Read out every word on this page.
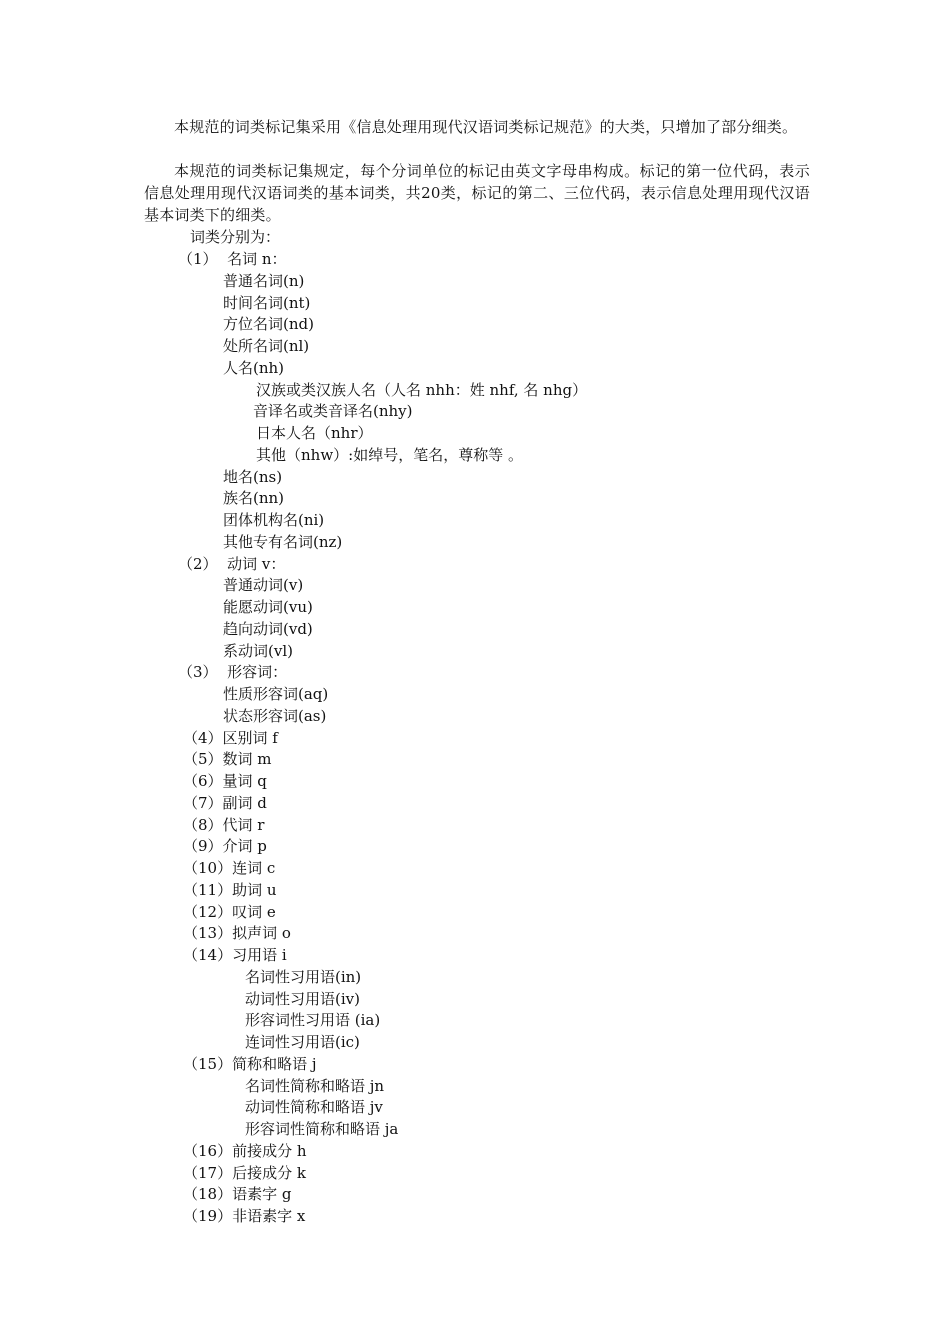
本规范的词类标记集采用《信息处理用现代汉语词类标记规范》的大类，只增加了部分细类。

本规范的词类标记集规定，每个分词单位的标记由英文字母串构成。标记的第一位代码，表示信息处理用现代汉语词类的基本词类，共20类，标记的第二、三位代码，表示信息处理用现代汉语基本词类下的细类。

词类分别为：
（1）  名词 n：
普通名词(n)
时间名词(nt)
方位名词(nd)
处所名词(nl)
人名(nh)
汉族或类汉族人名（人名 nhh：姓 nhf, 名 nhg）
音译名或类音译名(nhy)
日本人名（nhr）
其他（nhw）:如绰号，笔名，尊称等 。
地名(ns)
族名(nn)
团体机构名(ni)
其他专有名词(nz)
（2）  动词 v：
普通动词(v)
能愿动词(vu)
趋向动词(vd)
系动词(vl)
（3）  形容词：
性质形容词(aq)
状态形容词(as)
（4）区别词 f
（5）数词 m
（6）量词 q
（7）副词 d
（8）代词 r
（9）介词 p
（10）连词 c
（11）助词 u
（12）叹词 e
（13）拟声词 o
（14）习用语 i
名词性习用语(in)
动词性习用语(iv)
形容词性习用语 (ia)
连词性习用语(ic)
（15）简称和略语 j
名词性简称和略语 jn
动词性简称和略语 jv
形容词性简称和略语 ja
（16）前接成分 h
（17）后接成分 k
（18）语素字 g
（19）非语素字 x
